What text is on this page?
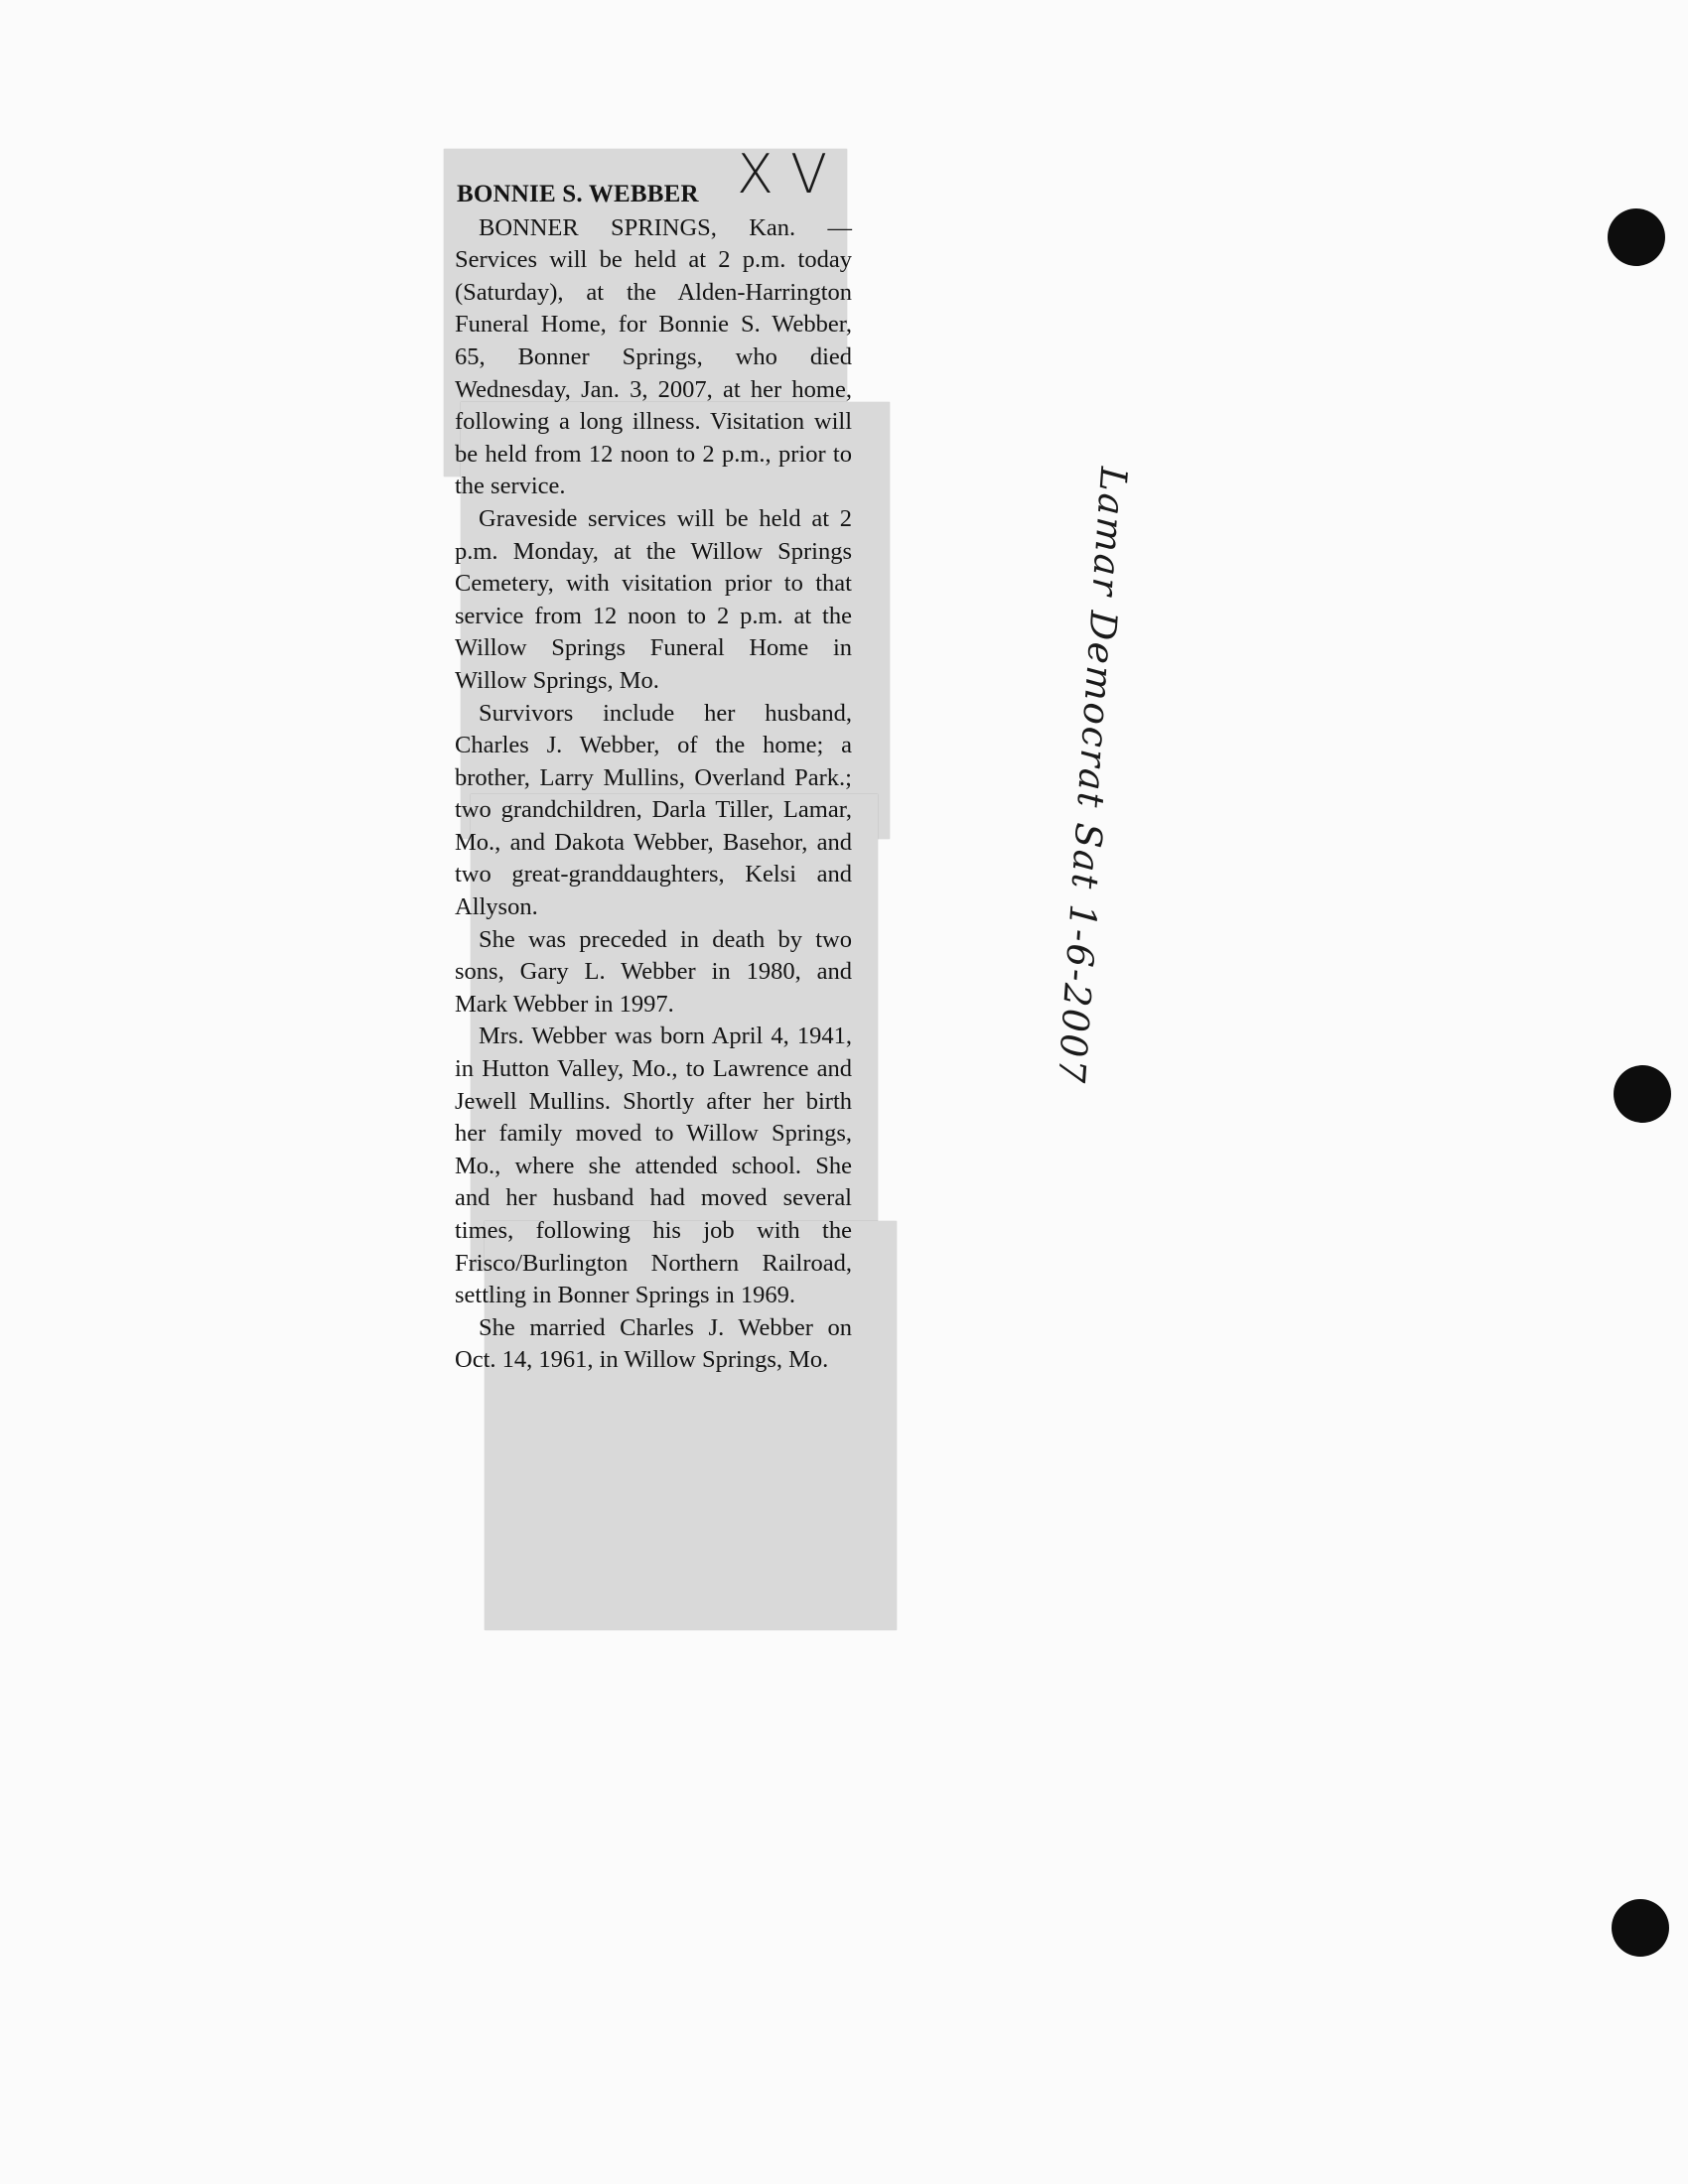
BONNIE S. WEBBER

BONNER SPRINGS, Kan. — Services will be held at 2 p.m. today (Saturday), at the Alden-Harrington Funeral Home, for Bonnie S. Webber, 65, Bonner Springs, who died Wednesday, Jan. 3, 2007, at her home, following a long illness. Visitation will be held from 12 noon to 2 p.m., prior to the service.

Graveside services will be held at 2 p.m. Monday, at the Willow Springs Cemetery, with visitation prior to that service from 12 noon to 2 p.m. at the Willow Springs Funeral Home in Willow Springs, Mo.

Survivors include her husband, Charles J. Webber, of the home; a brother, Larry Mullins, Overland Park.; two grandchildren, Darla Tiller, Lamar, Mo., and Dakota Webber, Basehor, and two great-granddaughters, Kelsi and Allyson.

She was preceded in death by two sons, Gary L. Webber in 1980, and Mark Webber in 1997.

Mrs. Webber was born April 4, 1941, in Hutton Valley, Mo., to Lawrence and Jewell Mullins. Shortly after her birth her family moved to Willow Springs, Mo., where she attended school. She and her husband had moved several times, following his job with the Frisco/Burlington Northern Railroad, settling in Bonner Springs in 1969.

She married Charles J. Webber on Oct. 14, 1961, in Willow Springs, Mo.

X V
Lamar Democrat Sat 1-6-2007
